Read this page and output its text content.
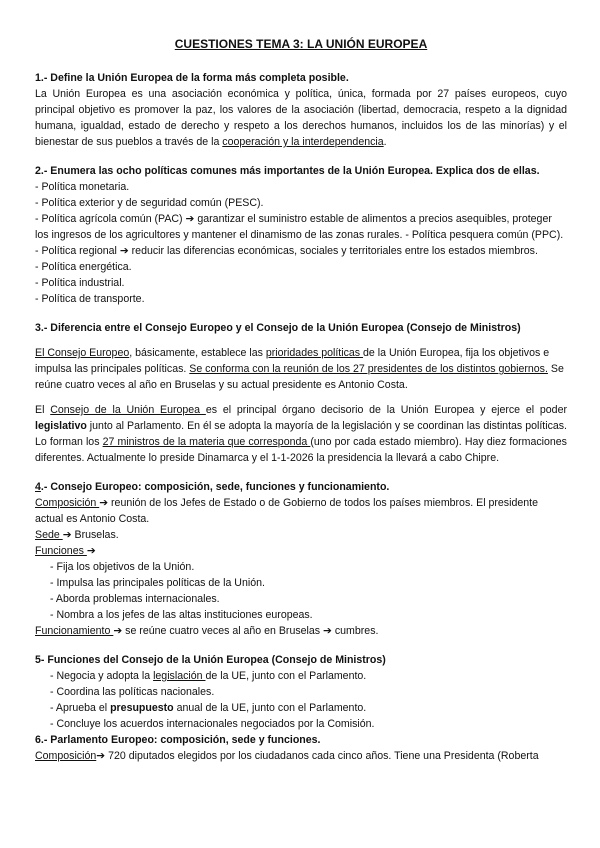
CUESTIONES TEMA 3: LA UNIÓN EUROPEA

1.- Define la Unión Europea de la forma más completa posible.

La Unión Europea es una asociación económica y política, única, formada por 27 países europeos, cuyo principal objetivo es promover la paz, los valores de la asociación (libertad, democracia, respeto a la dignidad humana, igualdad, estado de derecho y respeto a los derechos humanos, incluidos los de las minorías) y el bienestar de sus pueblos a través de la cooperación y la interdependencia.

2.- Enumera las ocho políticas comunes más importantes de la Unión Europea. Explica dos de ellas.

- Política monetaria.

- Política exterior y de seguridad común (PESC).

- Política agrícola común (PAC) ➔ garantizar el suministro estable de alimentos a precios asequibles, proteger los ingresos de los agricultores y mantener el dinamismo de las zonas rurales. - Política pesquera común (PPC).

- Política regional ➔ reducir las diferencias económicas, sociales y territoriales entre los estados miembros.

- Política energética.

- Política industrial.

- Política de transporte.

3.- Diferencia entre el Consejo Europeo y el Consejo de la Unión Europea (Consejo de Ministros)

El Consejo Europeo, básicamente, establece las prioridades políticas de la Unión Europea, fija los objetivos e impulsa las principales políticas. Se conforma con la reunión de los 27 presidentes de los distintos gobiernos. Se reúne cuatro veces al año en Bruselas y su actual presidente es Antonio Costa.

El Consejo de la Unión Europea es el principal órgano decisorio de la Unión Europea y ejerce el poder legislativo junto al Parlamento. En él se adopta la mayoría de la legislación y se coordinan las distintas políticas. Lo forman los 27 ministros de la materia que corresponda (uno por cada estado miembro). Hay diez formaciones diferentes. Actualmente lo preside Dinamarca y el 1-1-2026 la presidencia la llevará a cabo Chipre.

4.- Consejo Europeo: composición, sede, funciones y funcionamiento.

Composición ➔ reunión de los Jefes de Estado o de Gobierno de todos los países miembros. El presidente actual es Antonio Costa.

Sede ➔ Bruselas.

Funciones ➔

- Fija los objetivos de la Unión.

- Impulsa las principales políticas de la Unión.

- Aborda problemas internacionales.

- Nombra a los jefes de las altas instituciones europeas.

Funcionamiento ➔ se reúne cuatro veces al año en Bruselas ➔ cumbres.

5- Funciones del Consejo de la Unión Europea (Consejo de Ministros)

- Negocia y adopta la legislación de la UE, junto con el Parlamento.

- Coordina las políticas nacionales.

- Aprueba el presupuesto anual de la UE, junto con el Parlamento.

- Concluye los acuerdos internacionales negociados por la Comisión.

6.- Parlamento Europeo: composición, sede y funciones.

Composición➔ 720 diputados elegidos por los ciudadanos cada cinco años. Tiene una Presidenta (Roberta
